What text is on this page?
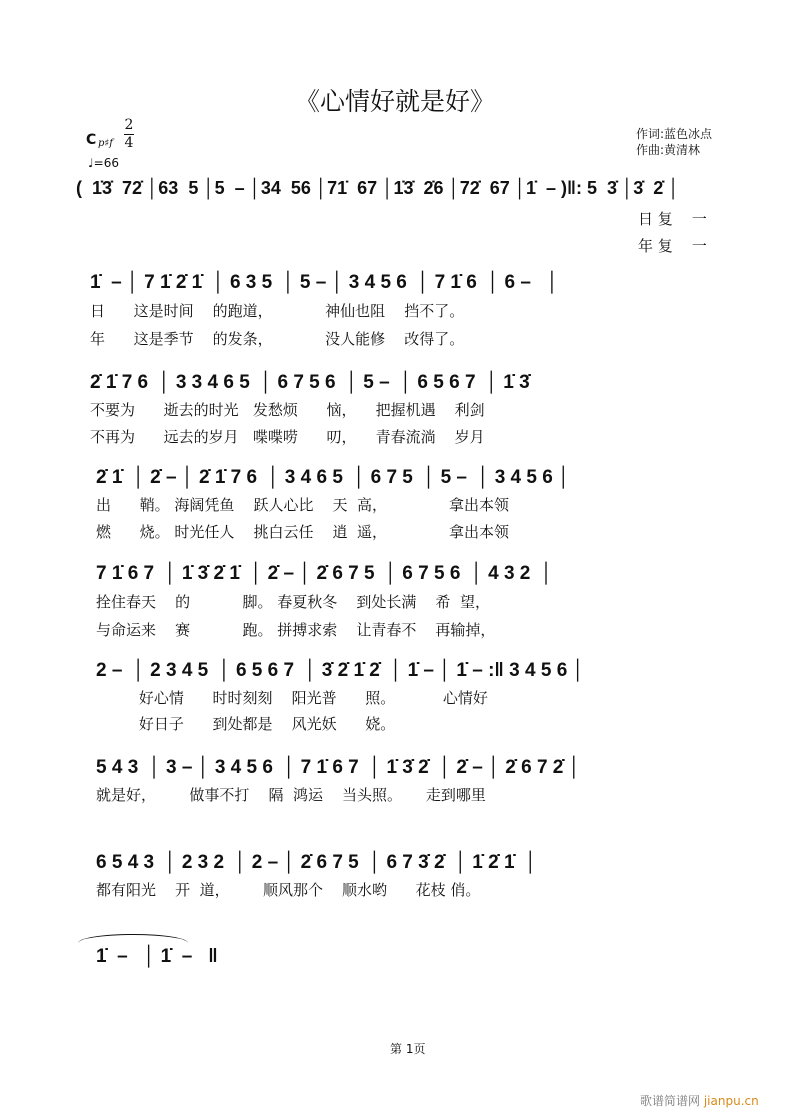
《心情好就是好》
作词:蓝色冰点
作曲:黄清林
C p♯f
2
4
♩=66
(  1̇3̇  72̇ │63  5 │5  – │34  56 │71̇  67 │1̇3̇  2̇6 │72̇  67 │1̇  – )‖: 5  3̇ │3̇  2̇ │
日 复    一
年 复    一
1̇  – │ 7 1̇ 2̇ 1̇  │ 6 3 5  │ 5 – │ 3 4 5 6  │ 7 1̇ 6  │ 6 –   │
日      这是时间    的跑道，           神仙也阻    挡不了。
年      这是季节    的发条，           没人能修    改得了。
2̇ 1̇ 7 6  │ 3 3 4 6 5  │ 6 7 5 6  │ 5 –  │ 6 5 6 7  │ 1̇ 3̇
不要为      逝去的时光   发愁烦      恼，    把握机遇    利剑
不再为      远去的岁月   喋喋唠      叨，    青春流淌    岁月
2̇ 1̇  │ 2̇ – │ 2̇ 1̇ 7 6  │ 3 4 6 5  │ 6 7 5  │ 5 –  │ 3 4 5 6 │
出      鞘。 海阔凭鱼    跃人心比    天  高，             拿出本领
燃      烧。 时光任人    挑白云任    逍  遥，             拿出本领
7 1̇ 6 7  │ 1̇ 3̇ 2̇ 1̇  │ 2̇ – │ 2̇ 6 7 5  │ 6 7 5 6  │ 4 3 2  │
拴住春天    的           脚。 春夏秋冬    到处长满    希  望，
与命运来    赛           跑。 拼搏求索    让青春不    再输掉，
2 –  │ 2 3 4 5  │ 6 5 6 7  │ 3̇ 2̇ 1̇ 2̇  │ 1̇ – │ 1̇ – :‖ 3 4 5 6 │
好心情      时时刻刻    阳光普      照。          心情好
好日子      到处都是    风光妖      娆。
5 4 3  │ 3 – │ 3 4 5 6  │ 7 1̇ 6 7  │ 1̇ 3̇ 2̇  │ 2̇ – │ 2̇ 6 7 2̇ │
就是好，       做事不打    隔  鸿运    当头照。     走到哪里
6 5 4 3  │ 2 3 2  │ 2 – │ 2̇ 6 7 5  │ 6 7 3̇ 2̇  │ 1̇ 2̇ 1̇  │
都有阳光    开  道，       顺风那个    顺水哟      花枝 俏。
1̇  –   │ 1̇  –   ‖
第 1页
歌谱简谱网 jianpu.cn
